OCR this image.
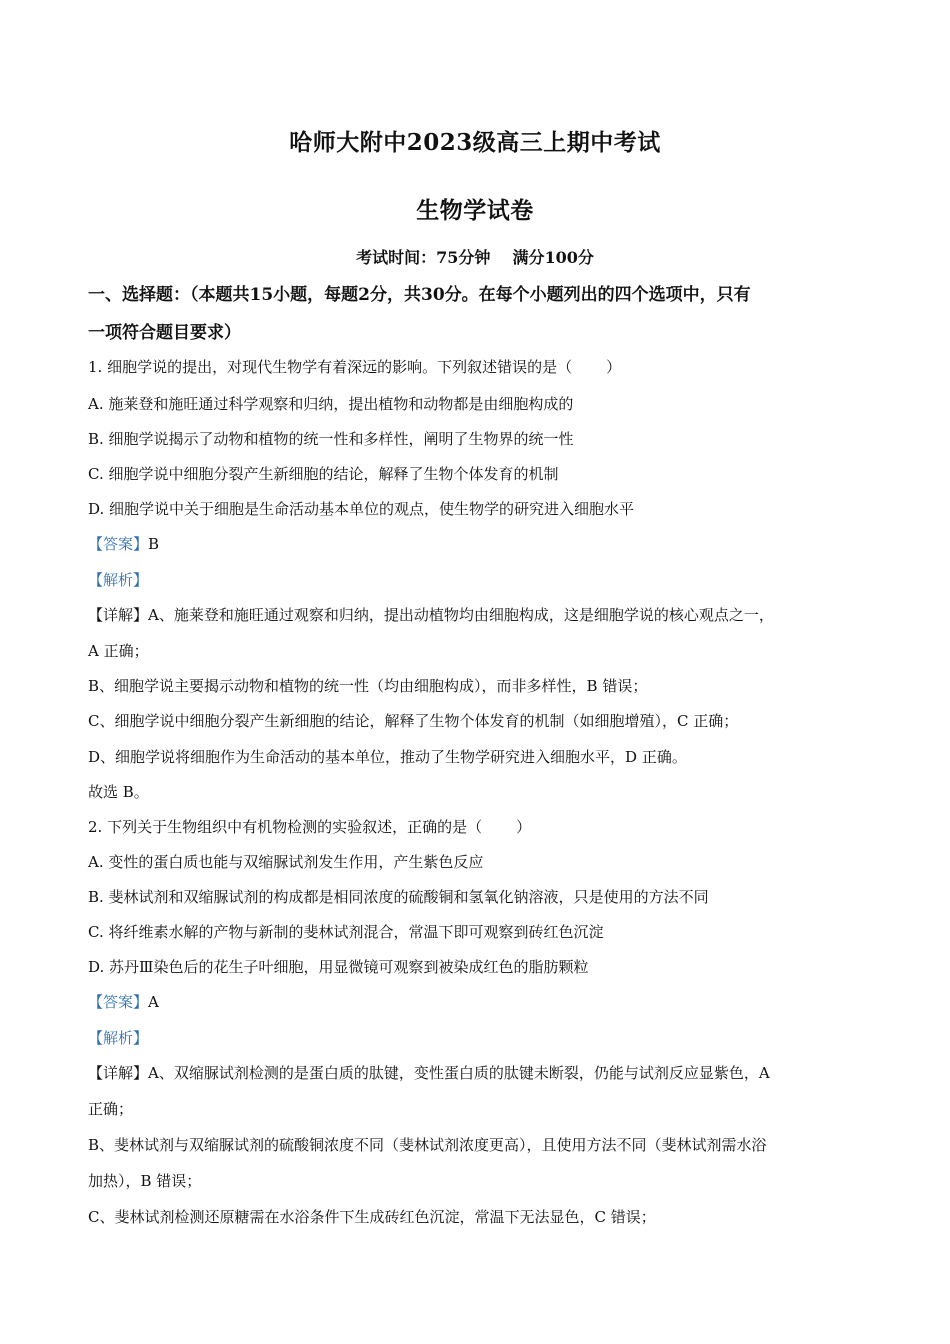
哈师大附中2023级高三上期中考试
生物学试卷
考试时间：75分钟 满分100分
一、选择题：（本题共15小题，每题2分，共30分。在每个小题列出的四个选项中，只有
一项符合题目要求）
1. 细胞学说的提出，对现代生物学有着深远的影响。下列叙述错误的是（ ）
A. 施莱登和施旺通过科学观察和归纳，提出植物和动物都是由细胞构成的
B. 细胞学说揭示了动物和植物的统一性和多样性，阐明了生物界的统一性
C. 细胞学说中细胞分裂产生新细胞的结论，解释了生物个体发育的机制
D. 细胞学说中关于细胞是生命活动基本单位的观点，使生物学的研究进入细胞水平
【答案】B
【解析】
【详解】A、施莱登和施旺通过观察和归纳，提出动植物均由细胞构成，这是细胞学说的核心观点之一，
A 正确；
B、细胞学说主要揭示动物和植物的统一性（均由细胞构成），而非多样性，B 错误；
C、细胞学说中细胞分裂产生新细胞的结论，解释了生物个体发育的机制（如细胞增殖），C 正确；
D、细胞学说将细胞作为生命活动的基本单位，推动了生物学研究进入细胞水平，D 正确。
故选 B。
2. 下列关于生物组织中有机物检测的实验叙述，正确的是（ ）
A. 变性的蛋白质也能与双缩脲试剂发生作用，产生紫色反应
B. 斐林试剂和双缩脲试剂的构成都是相同浓度的硫酸铜和氢氧化钠溶液，只是使用的方法不同
C. 将纤维素水解的产物与新制的斐林试剂混合，常温下即可观察到砖红色沉淀
D. 苏丹Ⅲ染色后的花生子叶细胞，用显微镜可观察到被染成红色的脂肪颗粒
【答案】A
【解析】
【详解】A、双缩脲试剂检测的是蛋白质的肽键，变性蛋白质的肽键未断裂，仍能与试剂反应显紫色，A
正确；
B、斐林试剂与双缩脲试剂的硫酸铜浓度不同（斐林试剂浓度更高），且使用方法不同（斐林试剂需水浴
加热），B 错误；
C、斐林试剂检测还原糖需在水浴条件下生成砖红色沉淀，常温下无法显色，C 错误；
